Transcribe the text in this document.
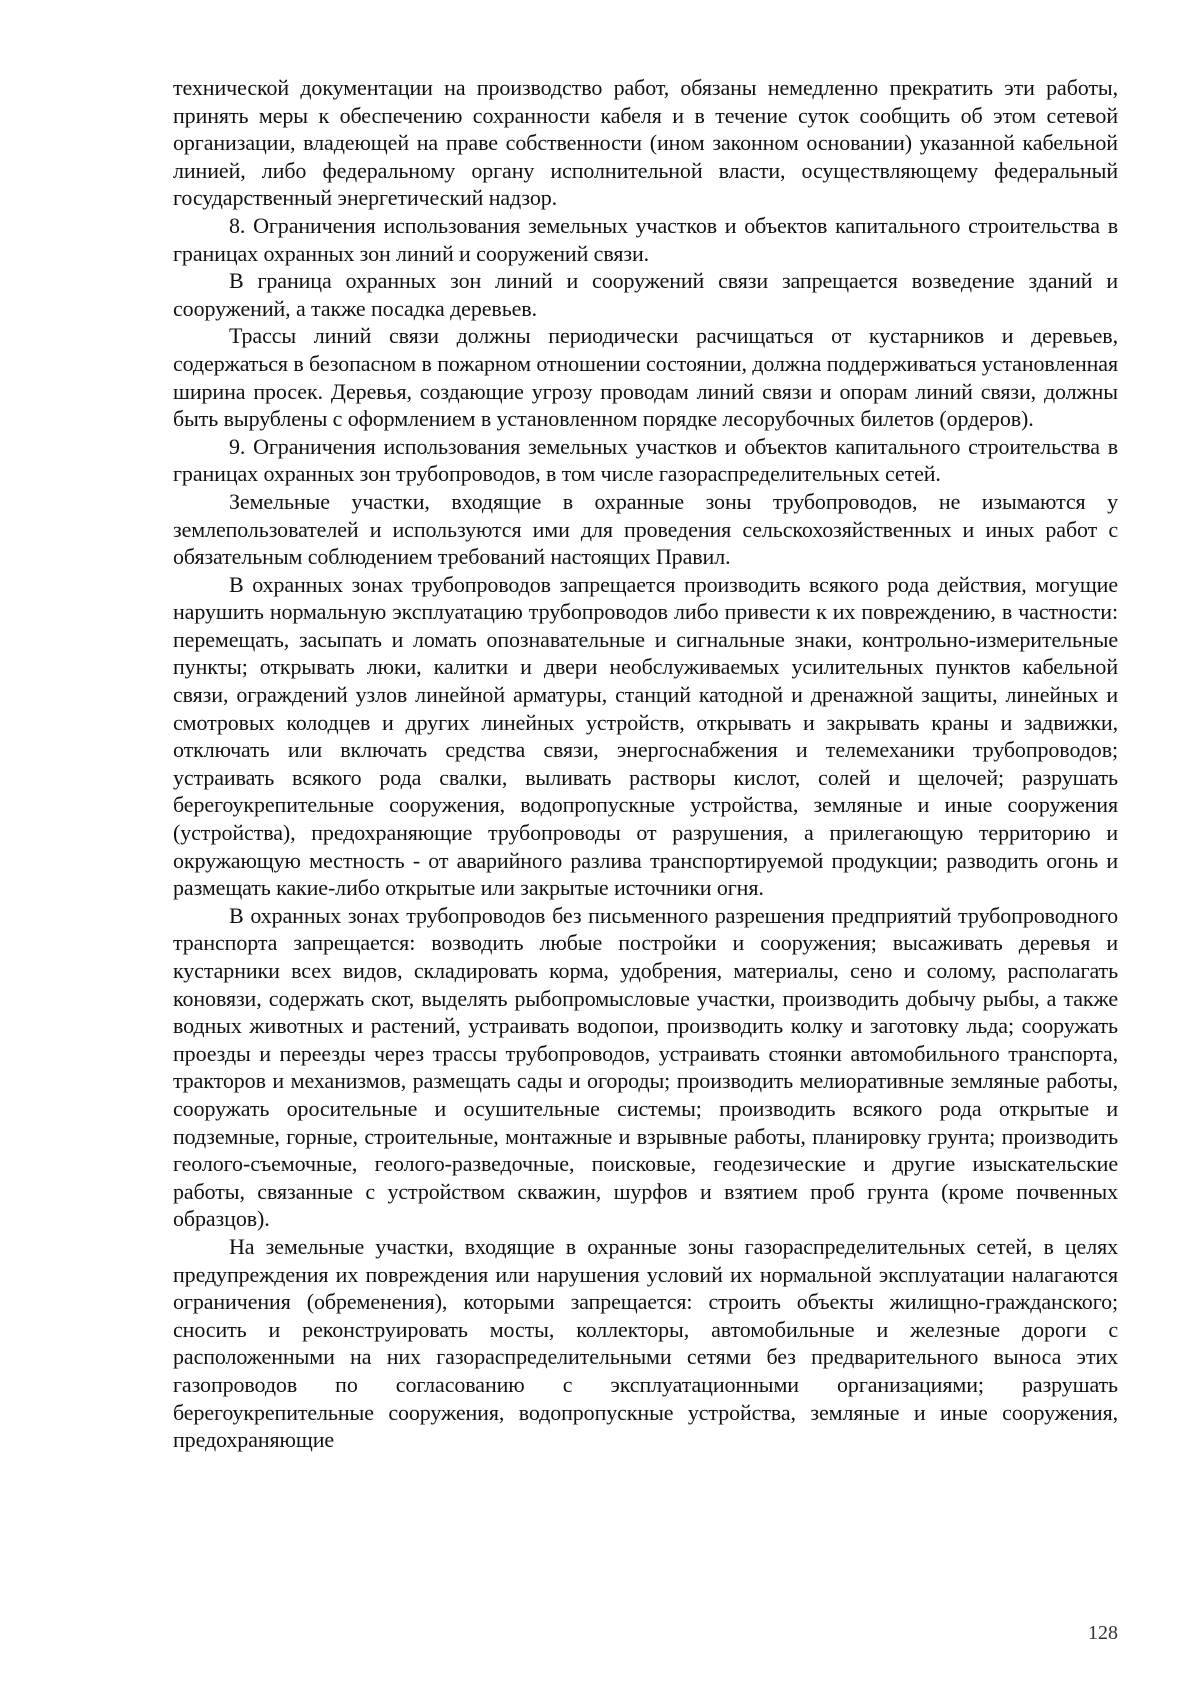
технической документации на производство работ, обязаны немедленно прекратить эти работы, принять меры к обеспечению сохранности кабеля и в течение суток сообщить об этом сетевой организации, владеющей на праве собственности (ином законном основании) указанной кабельной линией, либо федеральному органу исполнительной власти, осуществляющему федеральный государственный энергетический надзор.

8. Ограничения использования земельных участков и объектов капитального строительства в границах охранных зон линий и сооружений связи.

В граница охранных зон линий и сооружений связи запрещается возведение зданий и сооружений, а также посадка деревьев.

Трассы линий связи должны периодически расчищаться от кустарников и деревьев, содержаться в безопасном в пожарном отношении состоянии, должна поддерживаться установленная ширина просек. Деревья, создающие угрозу проводам линий связи и опорам линий связи, должны быть вырублены с оформлением в установленном порядке лесорубочных билетов (ордеров).

9. Ограничения использования земельных участков и объектов капитального строительства в границах охранных зон трубопроводов, в том числе газораспределительных сетей.

Земельные участки, входящие в охранные зоны трубопроводов, не изымаются у землепользователей и используются ими для проведения сельскохозяйственных и иных работ с обязательным соблюдением требований настоящих Правил.

В охранных зонах трубопроводов запрещается производить всякого рода действия, могущие нарушить нормальную эксплуатацию трубопроводов либо привести к их повреждению, в частности: перемещать, засыпать и ломать опознавательные и сигнальные знаки, контрольно-измерительные пункты; открывать люки, калитки и двери необслуживаемых усилительных пунктов кабельной связи, ограждений узлов линейной арматуры, станций катодной и дренажной защиты, линейных и смотровых колодцев и других линейных устройств, открывать и закрывать краны и задвижки, отключать или включать средства связи, энергоснабжения и телемеханики трубопроводов; устраивать всякого рода свалки, выливать растворы кислот, солей и щелочей; разрушать берегоукрепительные сооружения, водопропускные устройства, земляные и иные сооружения (устройства), предохраняющие трубопроводы от разрушения, а прилегающую территорию и окружающую местность - от аварийного разлива транспортируемой продукции; разводить огонь и размещать какие-либо открытые или закрытые источники огня.

В охранных зонах трубопроводов без письменного разрешения предприятий трубопроводного транспорта запрещается: возводить любые постройки и сооружения; высаживать деревья и кустарники всех видов, складировать корма, удобрения, материалы, сено и солому, располагать коновязи, содержать скот, выделять рыбопромысловые участки, производить добычу рыбы, а также водных животных и растений, устраивать водопои, производить колку и заготовку льда; сооружать проезды и переезды через трассы трубопроводов, устраивать стоянки автомобильного транспорта, тракторов и механизмов, размещать сады и огороды; производить мелиоративные земляные работы, сооружать оросительные и осушительные системы; производить всякого рода открытые и подземные, горные, строительные, монтажные и взрывные работы, планировку грунта; производить геолого-съемочные, геолого-разведочные, поисковые, геодезические и другие изыскательские работы, связанные с устройством скважин, шурфов и взятием проб грунта (кроме почвенных образцов).

На земельные участки, входящие в охранные зоны газораспределительных сетей, в целях предупреждения их повреждения или нарушения условий их нормальной эксплуатации налагаются ограничения (обременения), которыми запрещается: строить объекты жилищно-гражданского; сносить и реконструировать мосты, коллекторы, автомобильные и железные дороги с расположенными на них газораспределительными сетями без предварительного выноса этих газопроводов по согласованию с эксплуатационными организациями; разрушать берегоукрепительные сооружения, водопропускные устройства, земляные и иные сооружения, предохраняющие

128
